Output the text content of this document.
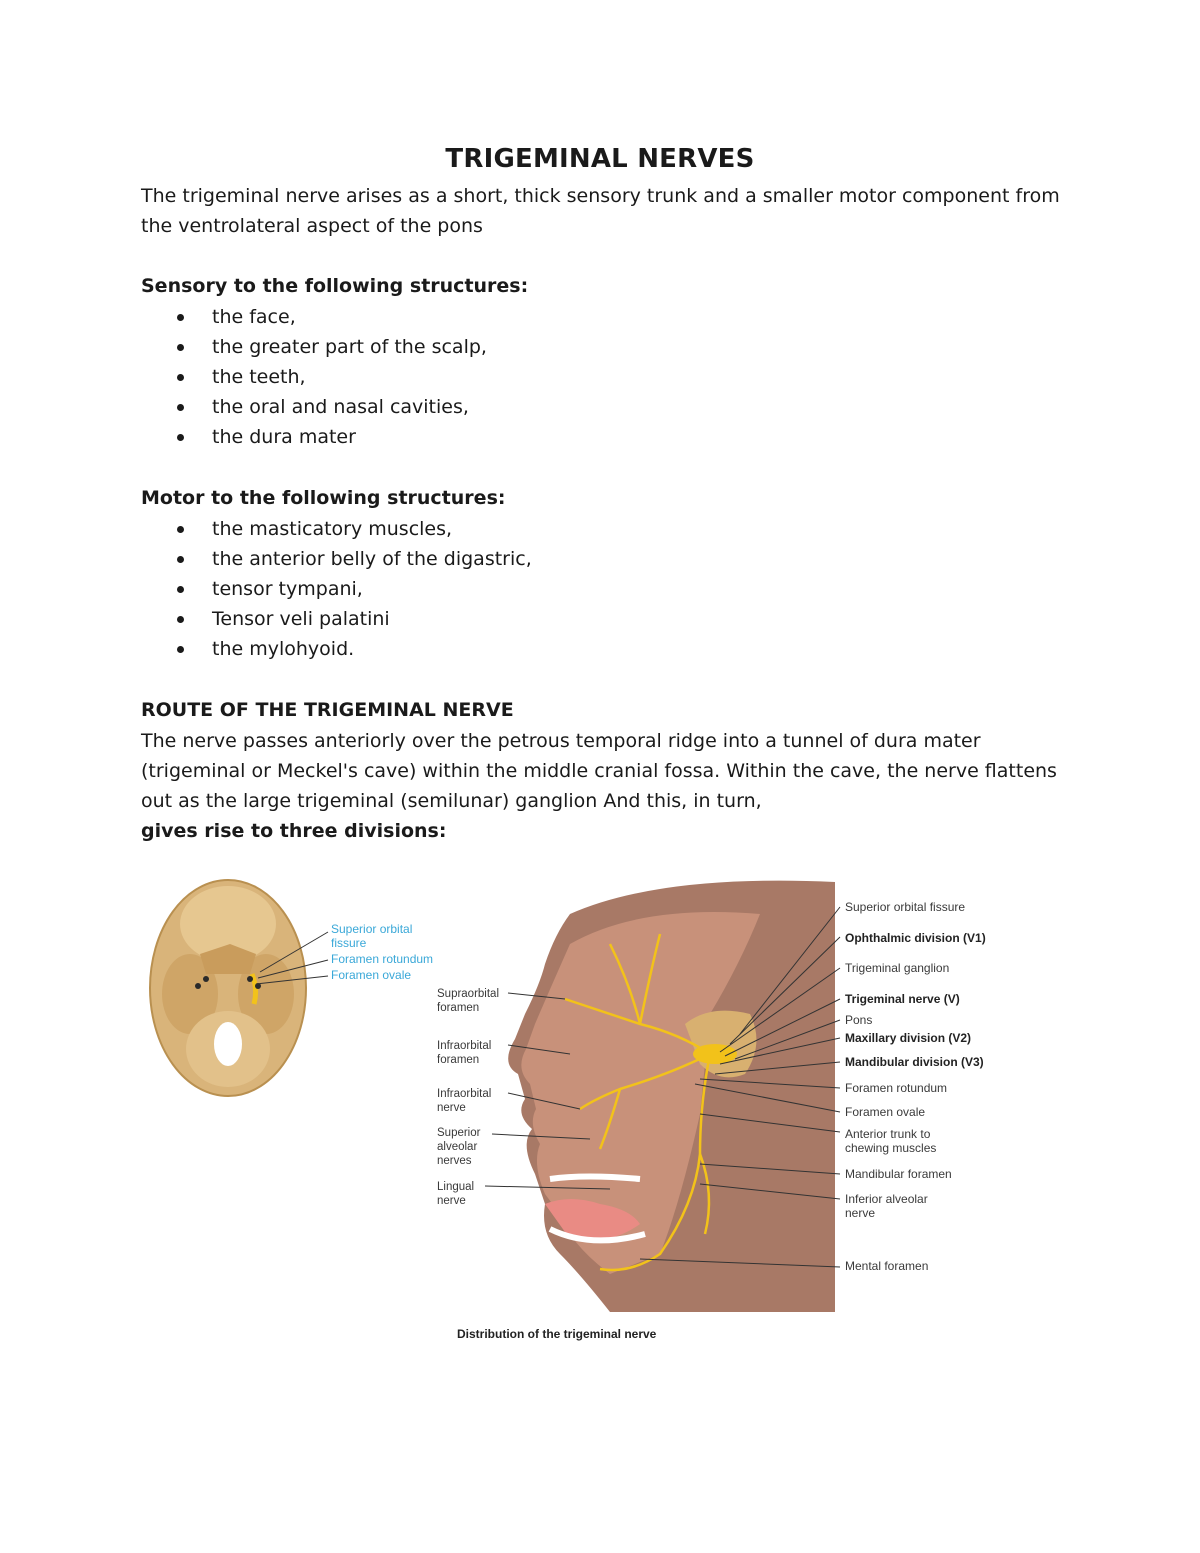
TRIGEMINAL NERVES

The trigeminal nerve arises as a short, thick sensory trunk and a smaller motor component from the ventrolateral aspect of the pons

Sensory to the following structures:

the face,
the greater part of the scalp,
the teeth,
the oral and nasal cavities,
the dura mater

Motor to the following structures:

the masticatory muscles,
the anterior belly of the digastric,
tensor tympani,
Tensor veli palatini
the mylohyoid.

ROUTE OF THE TRIGEMINAL NERVE

The nerve passes anteriorly over the petrous temporal ridge into a tunnel of dura mater (trigeminal or Meckel's cave) within the middle cranial fossa. Within the cave, the nerve flattens out as the large trigeminal (semilunar) ganglion And this, in turn,
gives rise to three divisions:

Superior orbital
fissure
Foramen rotundum
Foramen ovale
Supraorbital
foramen
Infraorbital
foramen
Infraorbital
nerve
Superior
alveolar
nerves
Lingual
nerve
Superior orbital fissure
Ophthalmic division (V1)
Trigeminal ganglion
Trigeminal nerve (V)
Pons
Maxillary division (V2)
Mandibular division (V3)
Foramen rotundum
Foramen ovale
Anterior trunk to
chewing muscles
Mandibular foramen
Inferior alveolar
nerve
Mental foramen
Distribution of the trigeminal nerve
